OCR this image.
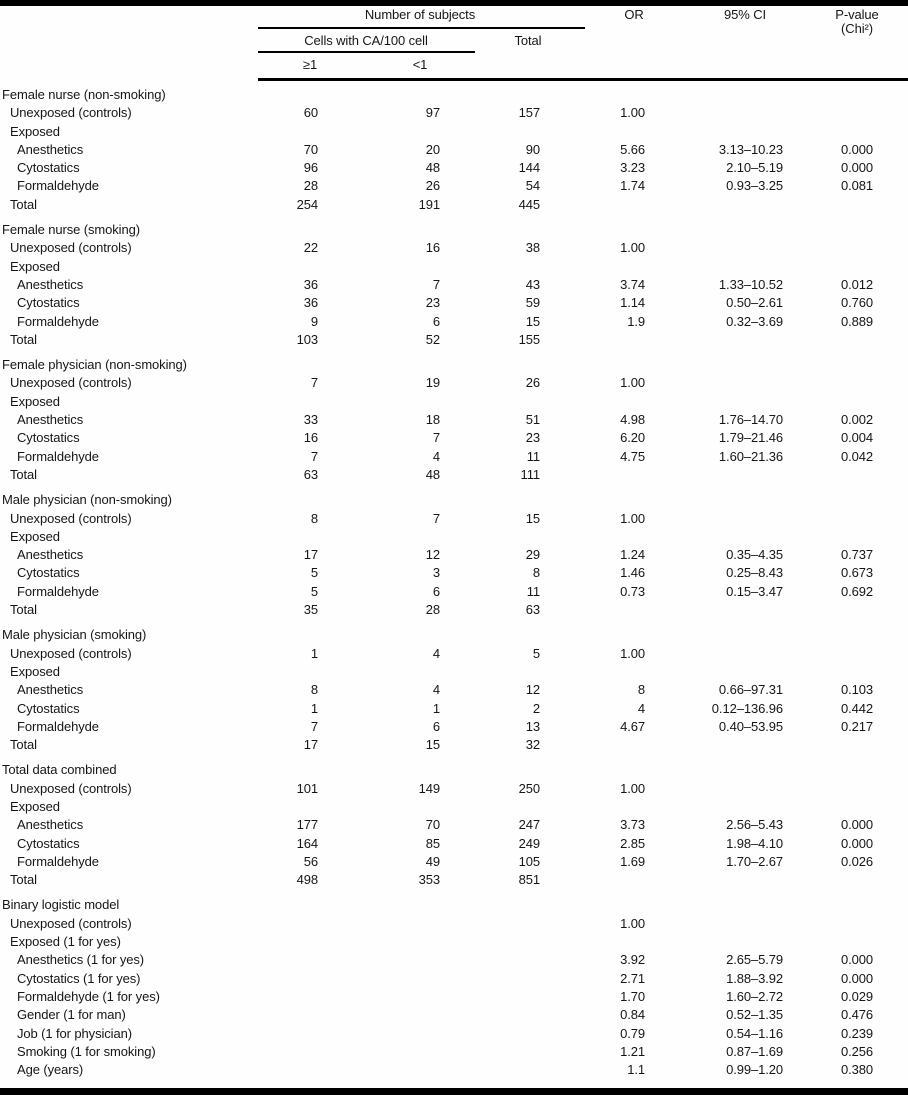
Number of subjects
Cells with CA/100 cell	Total
≥1	<1
OR	95% CI	P-value
(Chi²)
Female nurse (non-smoking)
Unexposed (controls)	60	97	157	1.00
Exposed
Anesthetics	70	20	90	5.66	3.13–10.23	0.000
Cytostatics	96	48	144	3.23	2.10–5.19	0.000
Formaldehyde	28	26	54	1.74	0.93–3.25	0.081
Total	254	191	445
Female nurse (smoking)
Unexposed (controls)	22	16	38	1.00
Exposed
Anesthetics	36	7	43	3.74	1.33–10.52	0.012
Cytostatics	36	23	59	1.14	0.50–2.61	0.760
Formaldehyde	9	6	15	1.9	0.32–3.69	0.889
Total	103	52	155
Female physician (non-smoking)
Unexposed (controls)	7	19	26	1.00
Exposed
Anesthetics	33	18	51	4.98	1.76–14.70	0.002
Cytostatics	16	7	23	6.20	1.79–21.46	0.004
Formaldehyde	7	4	11	4.75	1.60–21.36	0.042
Total	63	48	111
Male physician (non-smoking)
Unexposed (controls)	8	7	15	1.00
Exposed
Anesthetics	17	12	29	1.24	0.35–4.35	0.737
Cytostatics	5	3	8	1.46	0.25–8.43	0.673
Formaldehyde	5	6	11	0.73	0.15–3.47	0.692
Total	35	28	63
Male physician (smoking)
Unexposed (controls)	1	4	5	1.00
Exposed
Anesthetics	8	4	12	8	0.66–97.31	0.103
Cytostatics	1	1	2	4	0.12–136.96	0.442
Formaldehyde	7	6	13	4.67	0.40–53.95	0.217
Total	17	15	32
Total data combined
Unexposed (controls)	101	149	250	1.00
Exposed
Anesthetics	177	70	247	3.73	2.56–5.43	0.000
Cytostatics	164	85	249	2.85	1.98–4.10	0.000
Formaldehyde	56	49	105	1.69	1.70–2.67	0.026
Total	498	353	851
Binary logistic model
Unexposed (controls)	1.00
Exposed (1 for yes)
Anesthetics (1 for yes)	3.92	2.65–5.79	0.000
Cytostatics (1 for yes)	2.71	1.88–3.92	0.000
Formaldehyde (1 for yes)	1.70	1.60–2.72	0.029
Gender (1 for man)	0.84	0.52–1.35	0.476
Job (1 for physician)	0.79	0.54–1.16	0.239
Smoking (1 for smoking)	1.21	0.87–1.69	0.256
Age (years)	1.1	0.99–1.20	0.380
